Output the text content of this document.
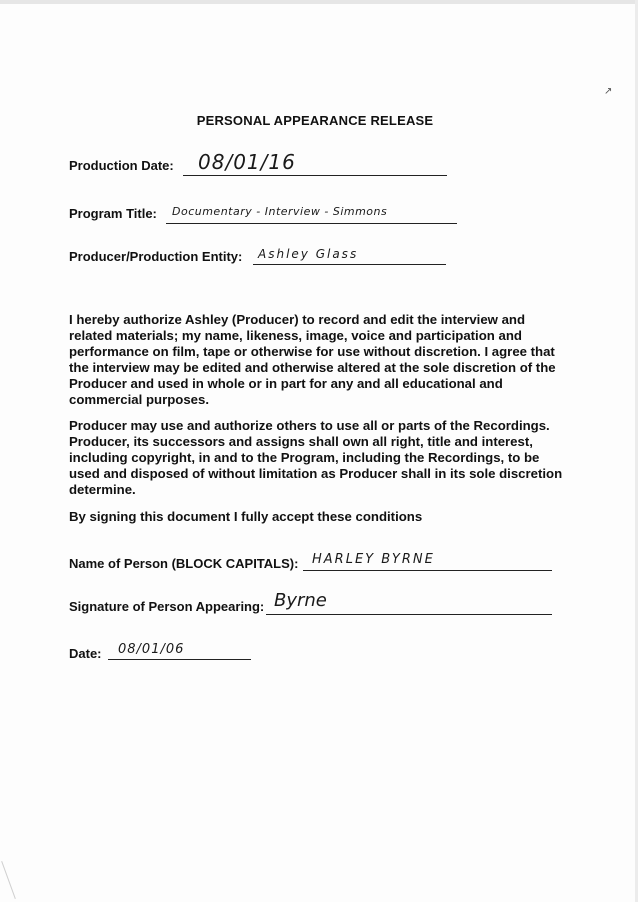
↗
PERSONAL APPEARANCE RELEASE
Production Date: 08/01/16
Program Title: Documentary - Interview - Simmons
Producer/Production Entity: Ashley Glass
I hereby authorize Ashley (Producer) to record and edit the interview and related materials; my name, likeness, image, voice and participation and performance on film, tape or otherwise for use without discretion. I agree that the interview may be edited and otherwise altered at the sole discretion of the Producer and used in whole or in part for any and all educational and commercial purposes.
Producer may use and authorize others to use all or parts of the Recordings. Producer, its successors and assigns shall own all right, title and interest, including copyright, in and to the Program, including the Recordings, to be used and disposed of without limitation as Producer shall in its sole discretion determine.
By signing this document I fully accept these conditions
Name of Person (BLOCK CAPITALS): HARLEY BYRNE
Signature of Person Appearing: Byrne
Date: 08/01/06
